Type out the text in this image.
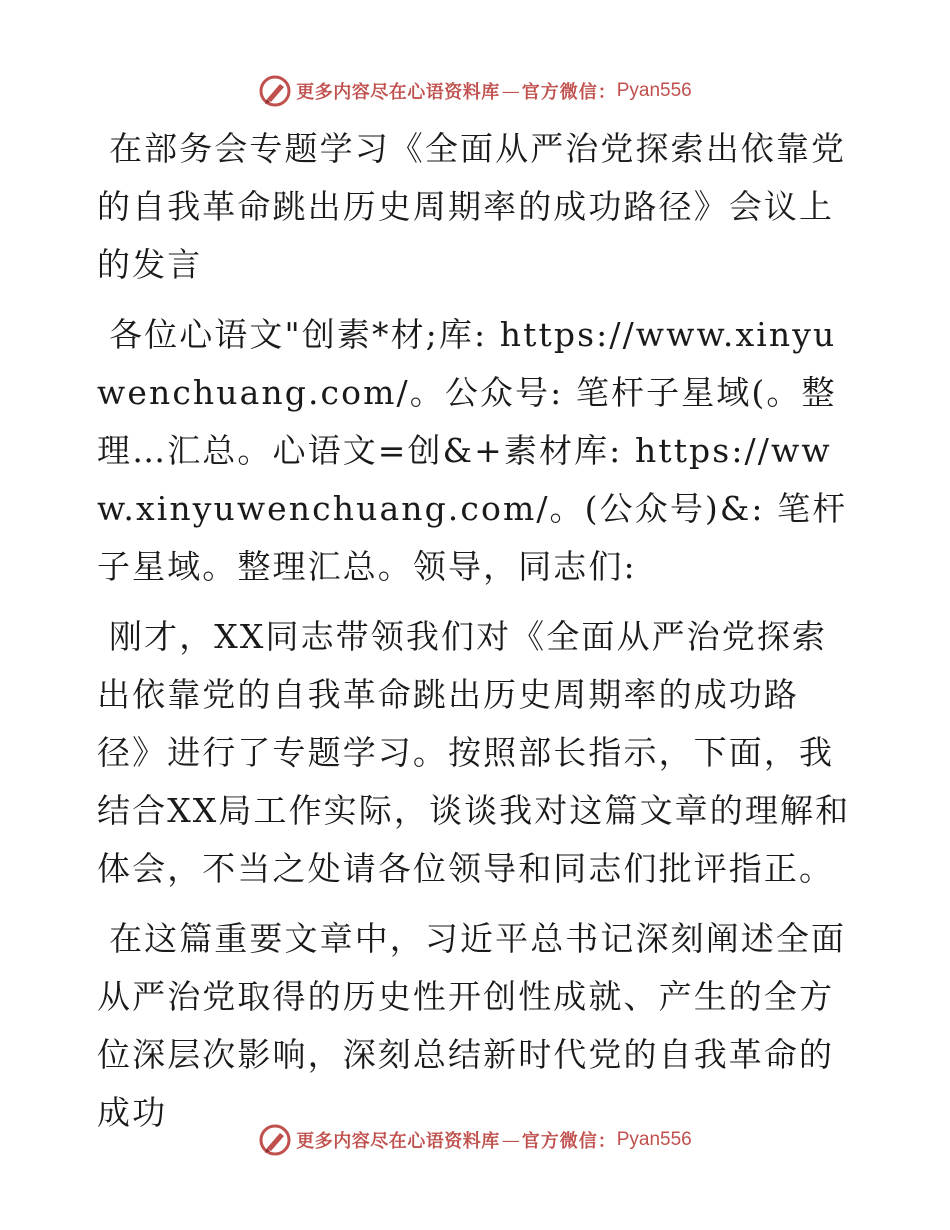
更多内容尽在心语资料库 — 官方微信： Pyan556

在部务会专题学习《全面从严治党探索出依靠党的自我革命跳出历史周期率的成功路径》会议上的发言

各位心语文"创素*材;库: https://www.xinyuwenchuang.com/。公众号: 笔杆子星域(。整理…汇总。心语文=创&+素材库: https://www.xinyuwenchuang.com/。(公众号)&: 笔杆子星域。整理汇总。领导，同志们:

刚才，XX同志带领我们对《全面从严治党探索出依靠党的自我革命跳出历史周期率的成功路径》进行了专题学习。按照部长指示，下面，我结合XX局工作实际，谈谈我对这篇文章的理解和体会，不当之处请各位领导和同志们批评指正。

在这篇重要文章中，习近平总书记深刻阐述全面从严治党取得的历史性开创性成就、产生的全方位深层次影响，深刻总结新时代党的自我革命的成功

更多内容尽在心语资料库 — 官方微信： Pyan556
